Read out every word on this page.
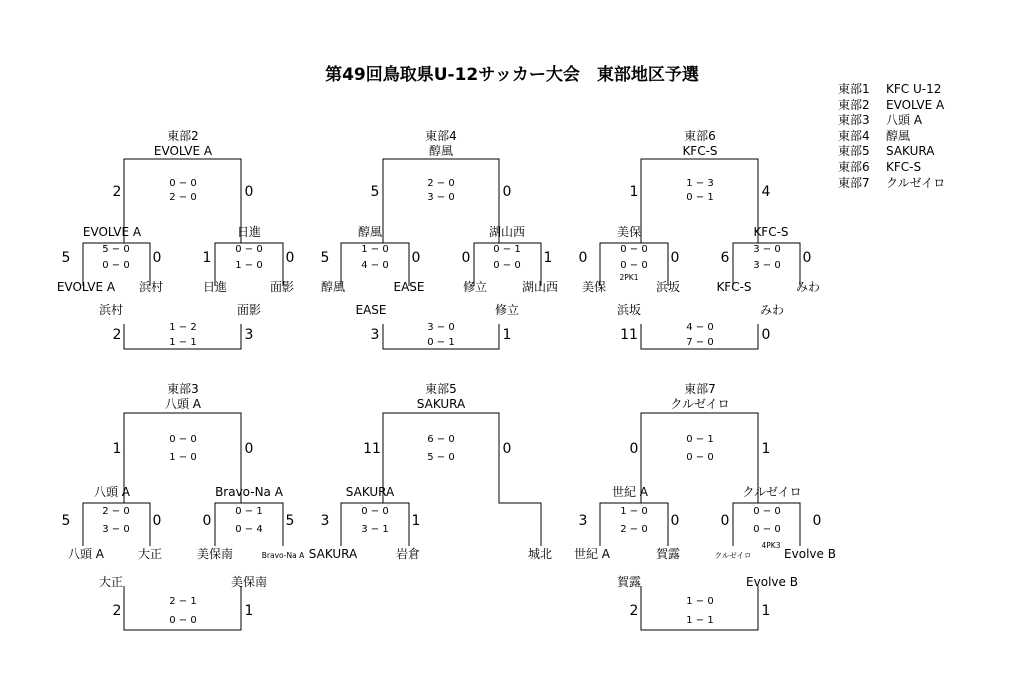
第49回鳥取県U-12サッカー大会　東部地区予選
東部1	KFC U-12
東部2	EVOLVE A
東部3	八頭 A
東部4	醇風
東部5	SAKURA
東部6	KFC-S
東部7	クルゼイロ
東部2
EVOLVE A
2	0
0 − 0
2 − 0
EVOLVE A	日進
5	0
5 − 0
0 − 0	1	0
0 − 0
1 − 0
EVOLVE A 浜村	日進	面影
浜村	面影
2	3
1 − 2
1 − 1
東部4
醇風
5	0
2 − 0
3 − 0
醇風	湖山西
5	0
1 − 0
4 − 0	0	1
0 − 1
0 − 0
醇風	EASE	修立	湖山西
EASE	修立
3	1
3 − 0
0 − 1
東部6
KFC-S
1	4
1 − 3
0 − 1
美保	KFC-S
0	0
0 − 0
0 − 0
2PK1
6	0
3 − 0
3 − 0
美保	浜坂	KFC-S	みわ
浜坂	みわ
11	0
4 − 0
7 − 0
東部3
八頭 A
1	0
0 − 0
1 − 0
八頭 A	Bravo-Na A
5	0
2 − 0
3 − 0
0	5
0 − 1
0 − 4
八頭 A	大正	美保南	Bravo-Na A
大正	美保南
2	1
2 − 1
0 − 0
東部5
SAKURA
11	0
6 − 0
5 − 0
SAKURA
3	1
0 − 0
3 − 1
SAKURA	岩倉	城北
東部7
クルゼイロ
0	1
0 − 1
0 − 0
世紀 A	クルゼイロ
3	0
1 − 0
2 − 0
0	0
0 − 0
0 − 0
4PK3
世紀 A	賀露	クルゼイロ	Evolve B
賀露	Evolve B
2	1
1 − 0
1 − 1
